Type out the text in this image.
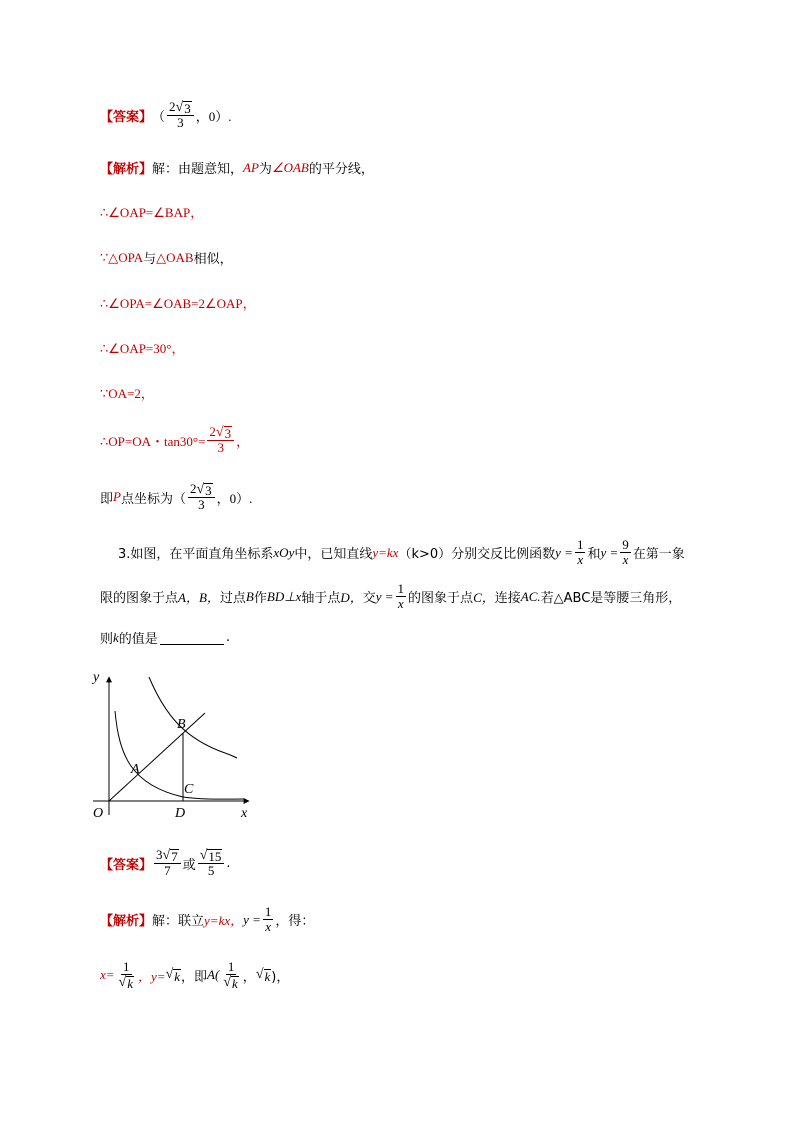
【答案】 （ $\frac{2 √ 3}{3}$ ，0）.
【解析】 解：由题意知， AP 为 ∠OAB 的平分线，
∴∠OAP=∠BAP，
∵△OPA 与 △OAB 相似，
∴∠OPA=∠OAB=2∠OAP，
∴∠OAP=30°，
∵OA=2，
∴OP=OA・$\tan 30^\circ= \frac{2 √ 3}{3}$ ，
即 P 点坐标为（ $\frac{2 √ 3}{3}$ ，0）.
3.如图，在平面直角坐标系 xOy 中，已知直线 y=kx （k>0）分别交反比例函数 $y = \frac{1}{x}$ 和 $y = \frac{9}{x}$ 在第一象
限的图象于点 A，B， 过点 B 作 BD⊥x 轴于点 D， 交 $y = \frac{1}{x}$ 的图象于点 C， 连接 AC. 若△ABC是等腰三角形，
则 k 的值是	.
y
x
O
A
B
C
D
【答案】 $\frac{3 √ 7}{7}$ 或 $\frac{√ 15}{5}$ .
【解析】 解：联立 y=kx， $y = \frac{1}{x}$ ，得：
$x= \frac{1}{√ k}$ ，y= √ k ，即 $A( \frac{1}{√ k}$ ， √ k )，
